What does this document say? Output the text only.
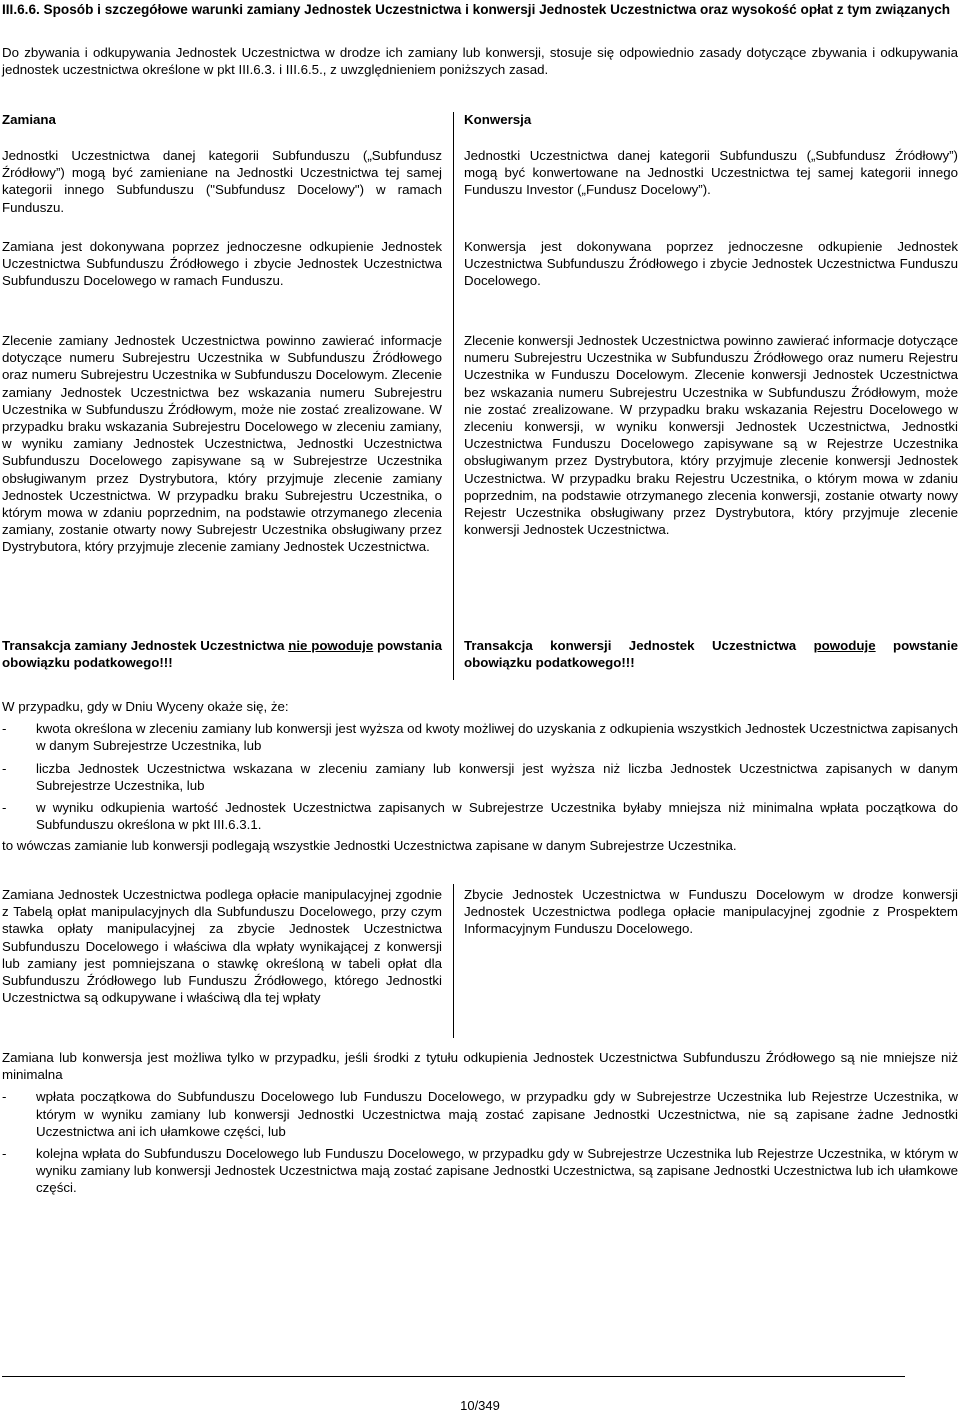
III.6.6. Sposób i szczegółowe warunki zamiany Jednostek Uczestnictwa i konwersji Jednostek Uczestnictwa oraz wysokość opłat z tym związanych
Do zbywania i odkupywania Jednostek Uczestnictwa w drodze ich zamiany lub konwersji, stosuje się odpowiednio zasady dotyczące zbywania i odkupywania jednostek uczestnictwa określone w pkt III.6.3. i III.6.5., z uwzględnieniem poniższych zasad.
Zamiana
Jednostki Uczestnictwa danej kategorii Subfunduszu („Subfundusz Źródłowy”) mogą być zamieniane na Jednostki Uczestnictwa tej samej kategorii innego Subfunduszu ("Subfundusz Docelowy") w ramach Funduszu.
Zamiana jest dokonywana poprzez jednoczesne odkupienie Jednostek Uczestnictwa Subfunduszu Źródłowego i zbycie Jednostek Uczestnictwa Subfunduszu Docelowego w ramach Funduszu.
Zlecenie zamiany Jednostek Uczestnictwa powinno zawierać informacje dotyczące numeru Subrejestru Uczestnika w Subfunduszu Źródłowego oraz numeru Subrejestru Uczestnika w Subfunduszu Docelowym. Zlecenie zamiany Jednostek Uczestnictwa bez wskazania numeru Subrejestru Uczestnika w Subfunduszu Źródłowym, może nie zostać zrealizowane. W przypadku braku wskazania Subrejestru Docelowego w zleceniu zamiany, w wyniku zamiany Jednostek Uczestnictwa, Jednostki Uczestnictwa Subfunduszu Docelowego zapisywane są w Subrejestrze Uczestnika obsługiwanym przez Dystrybutora, który przyjmuje zlecenie zamiany Jednostek Uczestnictwa. W przypadku braku Subrejestru Uczestnika, o którym mowa w zdaniu poprzednim, na podstawie otrzymanego zlecenia zamiany, zostanie otwarty nowy Subrejestr Uczestnika obsługiwany przez Dystrybutora, który przyjmuje zlecenie zamiany Jednostek Uczestnictwa.
Transakcja zamiany Jednostek Uczestnictwa nie powoduje powstania obowiązku podatkowego!!!
Konwersja
Jednostki Uczestnictwa danej kategorii Subfunduszu („Subfundusz Źródłowy”) mogą być konwertowane na Jednostki Uczestnictwa tej samej kategorii innego Funduszu Investor („Fundusz Docelowy”).
Konwersja jest dokonywana poprzez jednoczesne odkupienie Jednostek Uczestnictwa Subfunduszu Źródłowego i zbycie Jednostek Uczestnictwa Funduszu Docelowego.
Zlecenie konwersji Jednostek Uczestnictwa powinno zawierać informacje dotyczące numeru Subrejestru Uczestnika w Subfunduszu Źródłowego oraz numeru Rejestru Uczestnika w Funduszu Docelowym. Zlecenie konwersji Jednostek Uczestnictwa bez wskazania numeru Subrejestru Uczestnika w Subfunduszu Źródłowym, może nie zostać zrealizowane. W przypadku braku wskazania Rejestru Docelowego w zleceniu konwersji, w wyniku konwersji Jednostek Uczestnictwa, Jednostki Uczestnictwa Funduszu Docelowego zapisywane są w Rejestrze Uczestnika obsługiwanym przez Dystrybutora, który przyjmuje zlecenie konwersji Jednostek Uczestnictwa. W przypadku braku Rejestru Uczestnika, o którym mowa w zdaniu poprzednim, na podstawie otrzymanego zlecenia konwersji, zostanie otwarty nowy Rejestr Uczestnika obsługiwany przez Dystrybutora, który przyjmuje zlecenie konwersji Jednostek Uczestnictwa.
Transakcja konwersji Jednostek Uczestnictwa powoduje powstanie obowiązku podatkowego!!!
W przypadku, gdy w Dniu Wyceny okaże się, że:
- kwota określona w zleceniu zamiany lub konwersji jest wyższa od kwoty możliwej do uzyskania z odkupienia wszystkich Jednostek Uczestnictwa zapisanych w danym Subrejestrze Uczestnika, lub
- liczba Jednostek Uczestnictwa wskazana w zleceniu zamiany lub konwersji jest wyższa niż liczba Jednostek Uczestnictwa zapisanych w danym Subrejestrze Uczestnika, lub
- w wyniku odkupienia wartość Jednostek Uczestnictwa zapisanych w Subrejestrze Uczestnika byłaby mniejsza niż minimalna wpłata początkowa do Subfunduszu określona w pkt III.6.3.1.
to wówczas zamianie lub konwersji podlegają wszystkie Jednostki Uczestnictwa zapisane w danym Subrejestrze Uczestnika.
Zamiana Jednostek Uczestnictwa podlega opłacie manipulacyjnej zgodnie z Tabelą opłat manipulacyjnych dla Subfunduszu Docelowego, przy czym stawka opłaty manipulacyjnej za zbycie Jednostek Uczestnictwa Subfunduszu Docelowego i właściwa dla wpłaty wynikającej z konwersji lub zamiany jest pomniejszana o stawkę określoną w tabeli opłat dla Subfunduszu Źródłowego lub Funduszu Źródłowego, którego Jednostki Uczestnictwa są odkupywane i właściwą dla tej wpłaty
Zbycie Jednostek Uczestnictwa w Funduszu Docelowym w drodze konwersji Jednostek Uczestnictwa podlega opłacie manipulacyjnej zgodnie z Prospektem Informacyjnym Funduszu Docelowego.
Zamiana lub konwersja jest możliwa tylko w przypadku, jeśli środki z tytułu odkupienia Jednostek Uczestnictwa Subfunduszu Źródłowego są nie mniejsze niż minimalna
- wpłata początkowa do Subfunduszu Docelowego lub Funduszu Docelowego, w przypadku gdy w Subrejestrze Uczestnika lub Rejestrze Uczestnika, w którym w wyniku zamiany lub konwersji Jednostki Uczestnictwa mają zostać zapisane Jednostki Uczestnictwa, nie są zapisane żadne Jednostki Uczestnictwa ani ich ułamkowe części, lub
- kolejna wpłata do Subfunduszu Docelowego lub Funduszu Docelowego, w przypadku gdy w Subrejestrze Uczestnika lub Rejestrze Uczestnika, w którym w wyniku zamiany lub konwersji Jednostek Uczestnictwa mają zostać zapisane Jednostki Uczestnictwa, są zapisane Jednostki Uczestnictwa lub ich ułamkowe części.
10/349
